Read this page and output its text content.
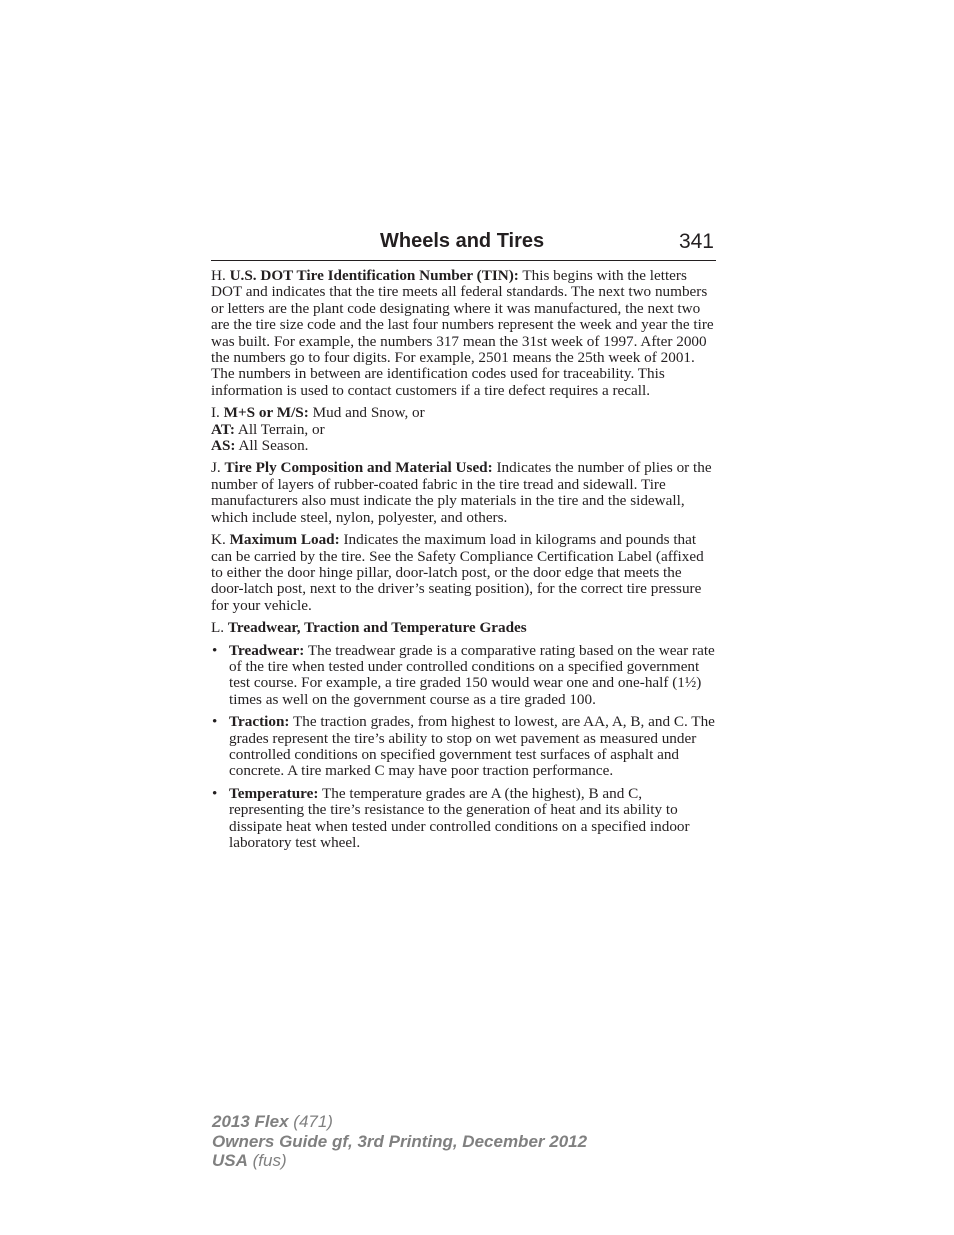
Wheels and Tires	341

H. U.S. DOT Tire Identification Number (TIN): This begins with the letters DOT and indicates that the tire meets all federal standards. The next two numbers or letters are the plant code designating where it was manufactured, the next two are the tire size code and the last four numbers represent the week and year the tire was built. For example, the numbers 317 mean the 31st week of 1997. After 2000 the numbers go to four digits. For example, 2501 means the 25th week of 2001. The numbers in between are identification codes used for traceability. This information is used to contact customers if a tire defect requires a recall.

I. M+S or M/S: Mud and Snow, or
AT: All Terrain, or
AS: All Season.

J. Tire Ply Composition and Material Used: Indicates the number of plies or the number of layers of rubber-coated fabric in the tire tread and sidewall. Tire manufacturers also must indicate the ply materials in the tire and the sidewall, which include steel, nylon, polyester, and others.

K. Maximum Load: Indicates the maximum load in kilograms and pounds that can be carried by the tire. See the Safety Compliance Certification Label (affixed to either the door hinge pillar, door-latch post, or the door edge that meets the door-latch post, next to the driver’s seating position), for the correct tire pressure for your vehicle.

L. Treadwear, Traction and Temperature Grades

• Treadwear: The treadwear grade is a comparative rating based on the wear rate of the tire when tested under controlled conditions on a specified government test course. For example, a tire graded 150 would wear one and one-half (1½) times as well on the government course as a tire graded 100.
• Traction: The traction grades, from highest to lowest, are AA, A, B, and C. The grades represent the tire’s ability to stop on wet pavement as measured under controlled conditions on specified government test surfaces of asphalt and concrete. A tire marked C may have poor traction performance.
• Temperature: The temperature grades are A (the highest), B and C, representing the tire’s resistance to the generation of heat and its ability to dissipate heat when tested under controlled conditions on a specified indoor laboratory test wheel.
2013 Flex (471)
Owners Guide gf, 3rd Printing, December 2012
USA (fus)
